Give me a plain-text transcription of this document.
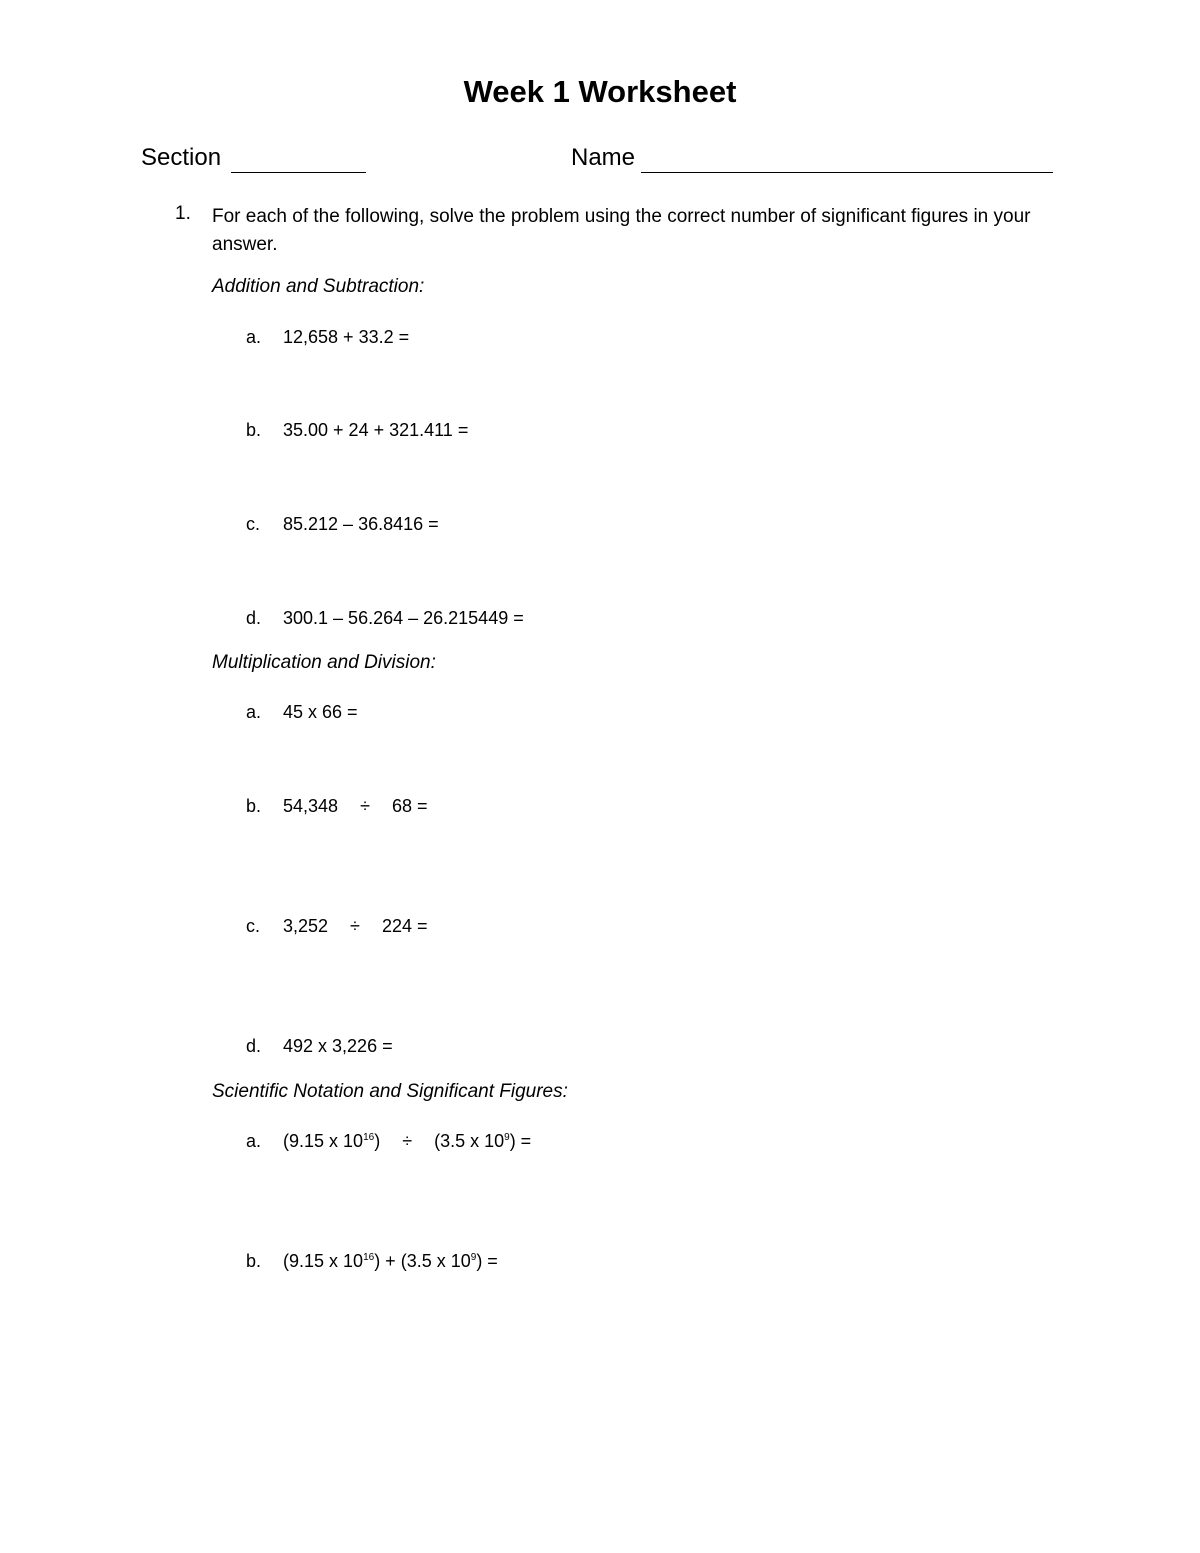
Week 1 Worksheet
Section	Name
1. For each of the following, solve the problem using the correct number of significant figures in your answer.
Addition and Subtraction:
a. 12,658 + 33.2 =
b. 35.00 + 24 + 321.411 =
c. 85.212 – 36.8416 =
d. 300.1 – 56.264 – 26.215449 =
Multiplication and Division:
a. 45 x 66 =
b. 54,348 ÷ 68 =
c. 3,252 ÷ 224 =
d. 492 x 3,226 =
Scientific Notation and Significant Figures:
a. (9.15 x $10^{16}) \div (3.5$ x $10^9$) =
b. (9.15 x $10^{16}) + (3.5$ x $10^9$) =
